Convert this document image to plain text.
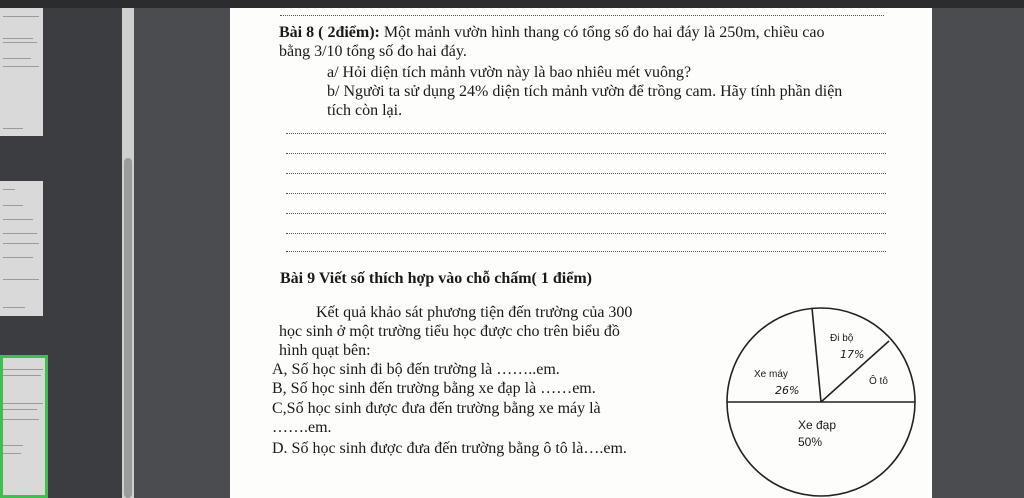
Bài 8 ( 2điểm): Một mảnh vườn hình thang có tổng số đo hai đáy là 250m, chiều cao
bằng 3/10 tổng số đo hai đáy.
a/ Hỏi diện tích mảnh vườn này là bao nhiêu mét vuông?
b/ Người ta sử dụng 24% diện tích mảnh vườn để trồng cam. Hãy tính phần diện
tích còn lại.
Bài 9 Viết số thích hợp vào chỗ chấm( 1 điểm)
Kết quả khảo sát phương tiện đến trường của 300
học sinh ở một trường tiểu học được cho trên biểu đồ
hình quạt bên:
A, Số học sinh đi bộ đến trường là ……..em.
B, Số học sinh đến trường bằng xe đạp là ……em.
C,Số học sinh được đưa đến trường bằng xe máy là
…….em.
D. Số học sinh được đưa đến trường bằng ô tô là….em.
Đi bộ
17%
Xe máy
26%
Ô tô
Xe đạp
50%
